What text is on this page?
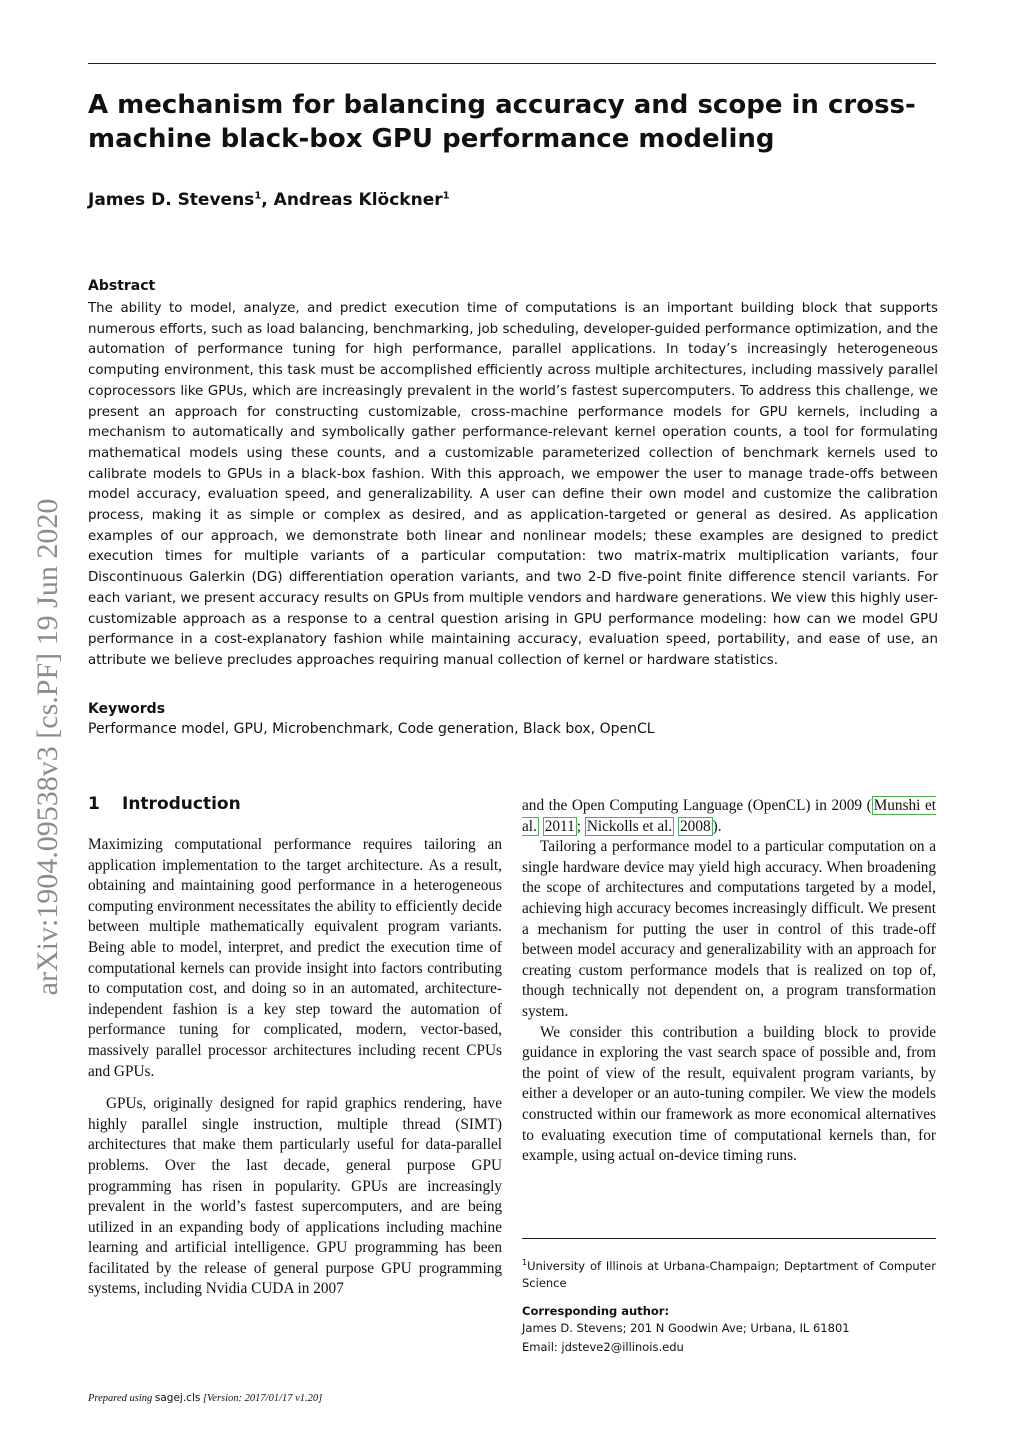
A mechanism for balancing accuracy and scope in cross-machine black-box GPU performance modeling
James D. Stevens$^1$, Andreas Klöckner$^1$
Abstract

The ability to model, analyze, and predict execution time of computations is an important building block that supports numerous efforts, such as load balancing, benchmarking, job scheduling, developer-guided performance optimization, and the automation of performance tuning for high performance, parallel applications. In today’s increasingly heterogeneous computing environment, this task must be accomplished efficiently across multiple architectures, including massively parallel coprocessors like GPUs, which are increasingly prevalent in the world’s fastest supercomputers. To address this challenge, we present an approach for constructing customizable, cross-machine performance models for GPU kernels, including a mechanism to automatically and symbolically gather performance-relevant kernel operation counts, a tool for formulating mathematical models using these counts, and a customizable parameterized collection of benchmark kernels used to calibrate models to GPUs in a black-box fashion. With this approach, we empower the user to manage trade-offs between model accuracy, evaluation speed, and generalizability. A user can define their own model and customize the calibration process, making it as simple or complex as desired, and as application-targeted or general as desired. As application examples of our approach, we demonstrate both linear and nonlinear models; these examples are designed to predict execution times for multiple variants of a particular computation: two matrix-matrix multiplication variants, four Discontinuous Galerkin (DG) differentiation operation variants, and two 2-D five-point finite difference stencil variants. For each variant, we present accuracy results on GPUs from multiple vendors and hardware generations. We view this highly user-customizable approach as a response to a central question arising in GPU performance modeling: how can we model GPU performance in a cost-explanatory fashion while maintaining accuracy, evaluation speed, portability, and ease of use, an attribute we believe precludes approaches requiring manual collection of kernel or hardware statistics.

Keywords
Performance model, GPU, Microbenchmark, Code generation, Black box, OpenCL
arXiv:1904.09538v3 [cs.PF] 19 Jun 2020 1 Introduction

Maximizing computational performance requires tailoring an application implementation to the target architecture. As a result, obtaining and maintaining good performance in a heterogeneous computing environment necessitates the ability to efficiently decide between multiple mathematically equivalent program variants. Being able to model, interpret, and predict the execution time of computational kernels can provide insight into factors contributing to computation cost, and doing so in an automated, architecture-independent fashion is a key step toward the automation of performance tuning for complicated, modern, vector-based, massively parallel processor architectures including recent CPUs and GPUs.

GPUs, originally designed for rapid graphics rendering, have highly parallel single instruction, multiple thread (SIMT) architectures that make them particularly useful for data-parallel problems. Over the last decade, general purpose GPU programming has risen in popularity. GPUs are increasingly prevalent in the world’s fastest supercomputers, and are being utilized in an expanding body of applications including machine learning and artificial intelligence. GPU programming has been facilitated by the release of general purpose GPU programming systems, including Nvidia CUDA in 2007

and the Open Computing Language (OpenCL) in 2009 ( Munshi et al. 2011 ; Nickolls et al. 2008 ).

Tailoring a performance model to a particular computation on a single hardware device may yield high accuracy. When broadening the scope of architectures and computations targeted by a model, achieving high accuracy becomes increasingly difficult. We present a mechanism for putting the user in control of this trade-off between model accuracy and generalizability with an approach for creating custom performance models that is realized on top of, though technically not dependent on, a program transformation system.

We consider this contribution a building block to provide guidance in exploring the vast search space of possible and, from the point of view of the result, equivalent program variants, by either a developer or an auto-tuning compiler. We view the models constructed within our framework as more economical alternatives to evaluating execution time of computational kernels than, for example, using actual on-device timing runs.

$^1$University of Illinois at Urbana-Champaign; Deptartment of Computer Science
Corresponding author:
James D. Stevens; 201 N Goodwin Ave; Urbana, IL 61801
Email: jdsteve2@illinois.edu
Prepared using sagej.cls [Version: 2017/01/17 v1.20]
